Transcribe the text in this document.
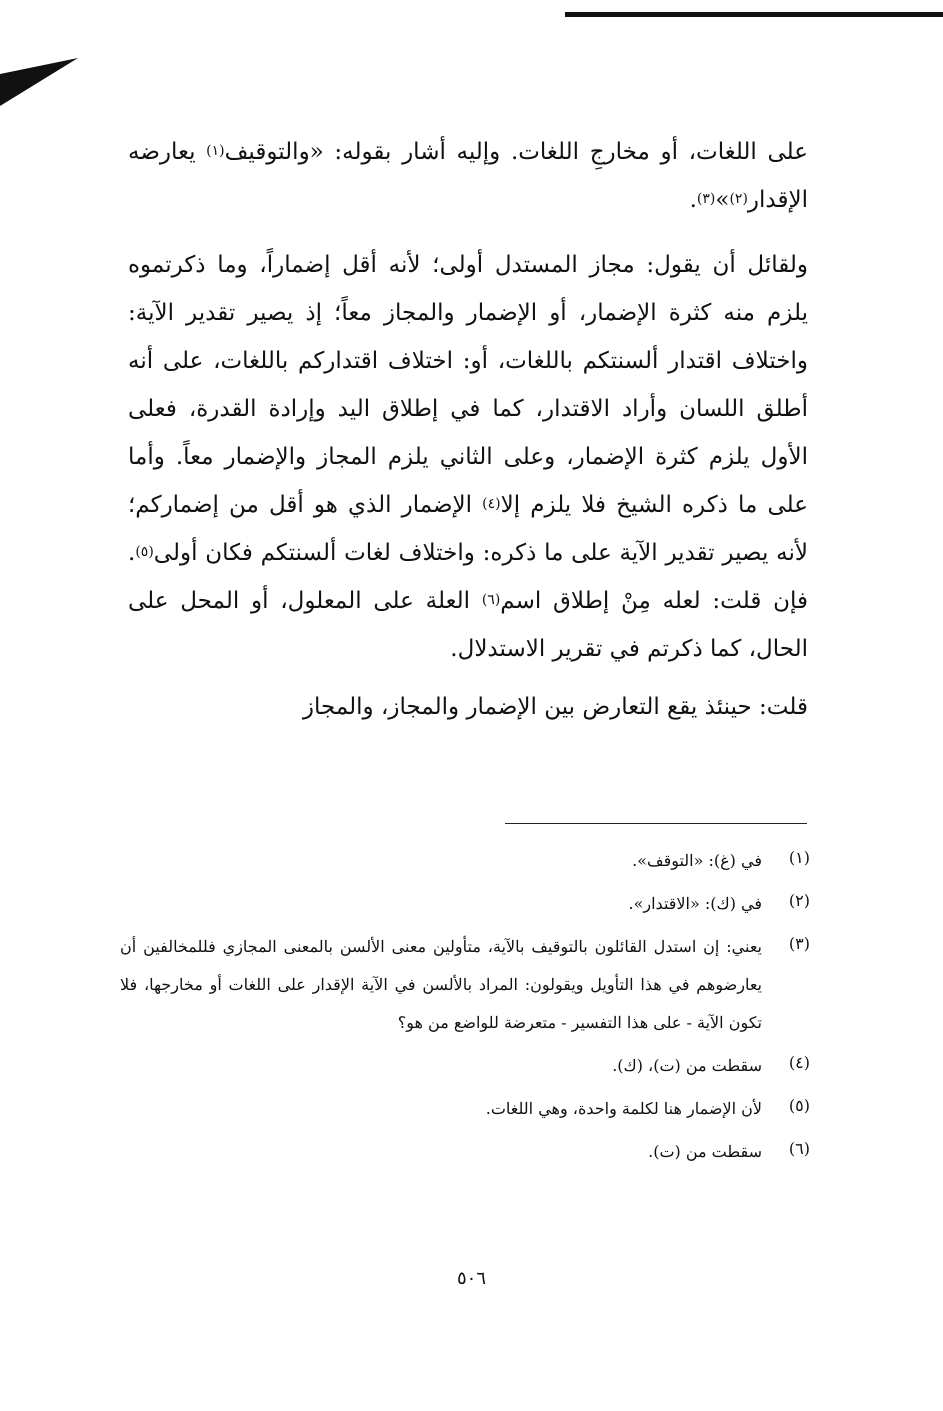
على اللغات، أو مخارجِ اللغات. وإليه أشار بقوله: «والتوقيف$^{(١)}$ يعارضه الإقدار$^{(٢)}$»$^{(٣)}$.

ولقائل أن يقول: مجاز المستدل أولى؛ لأنه أقل إضماراً، وما ذكرتموه يلزم منه كثرة الإضمار، أو الإضمار والمجاز معاً؛ إذ يصير تقدير الآية: واختلاف اقتدار ألسنتكم باللغات، أو: اختلاف اقتداركم باللغات، على أنه أطلق اللسان وأراد الاقتدار، كما في إطلاق اليد وإرادة القدرة، فعلى الأول يلزم كثرة الإضمار، وعلى الثاني يلزم المجاز والإضمار معاً. وأما على ما ذكره الشيخ فلا يلزم إلا$^{(٤)}$ الإضمار الذي هو أقل من إضماركم؛ لأنه يصير تقدير الآية على ما ذكره: واختلاف لغات ألسنتكم فكان أولى$^{(٥)}$. فإن قلت: لعله مِنْ إطلاق اسم$^{(٦)}$ العلة على المعلول، أو المحل على الحال، كما ذكرتم في تقرير الاستدلال.

قلت: حينئذ يقع التعارض بين الإضمار والمجاز، والمجاز

(١)
في (غ): «التوقف».
(٢)
في (ك): «الاقتدار».
(٣)
يعني: إن استدل القائلون بالتوقيف بالآية، متأولين معنى الألسن بالمعنى المجازي فللمخالفين أن يعارضوهم في هذا التأويل ويقولون: المراد بالألسن في الآية الإقدار على اللغات أو مخارجها، فلا تكون الآية - على هذا التفسير - متعرضة للواضع من هو؟
(٤)
سقطت من (ت)، (ك).
(٥)
لأن الإضمار هنا لكلمة واحدة، وهي اللغات.
(٦)
سقطت من (ت).
٥٠٦
